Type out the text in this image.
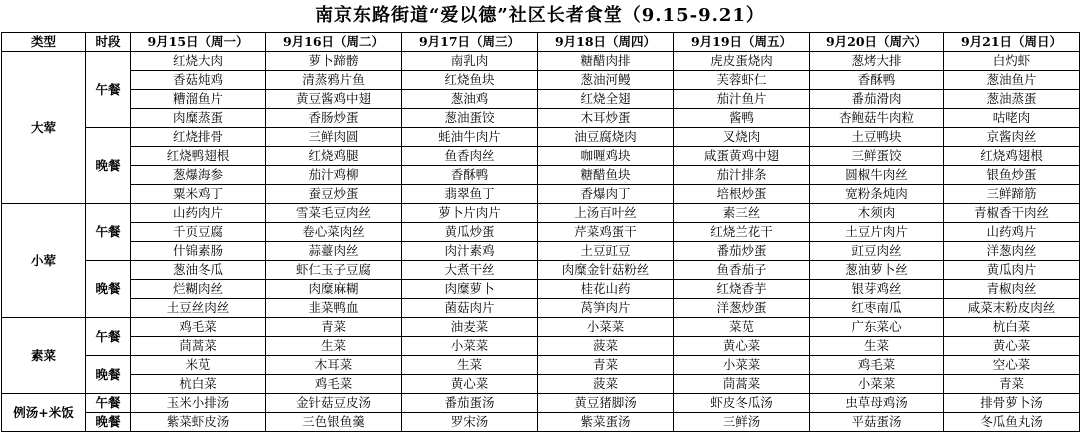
南京东路街道“爱以德”社区长者食堂（9.15-9.21）
类型	时段	9月15日（周一）	9月16日（周二）	9月17日（周三）	9月18日（周四）	9月19日（周五）	9月20日（周六）	9月21日（周日）
大荤	午餐	红烧大肉	萝卜蹄髈	南乳肉	糖醋肉排	虎皮蛋烧肉	葱烤大排	白灼虾
		香菇炖鸡	清蒸鸦片鱼	红烧鱼块	葱油河鳗	芙蓉虾仁	香酥鸭	葱油鱼片
		糟溜鱼片	黄豆酱鸡中翅	葱油鸡	红烧全翅	茄汁鱼片	番茄滑肉	葱油蒸蛋
		肉糜蒸蛋	香肠炒蛋	葱油蛋饺	木耳炒蛋	酱鸭	杏鲍菇牛肉粒	咕咾肉
	晚餐	红烧排骨	三鲜肉圆	蚝油牛肉片	油豆腐烧肉	叉烧肉	土豆鸭块	京酱肉丝
		红烧鸭翅根	红烧鸡腿	鱼香肉丝	咖喱鸡块	咸蛋黄鸡中翅	三鲜蛋饺	红烧鸡翅根
		葱爆海参	茄汁鸡柳	香酥鸭	糖醋鱼块	茄汁排条	圆椒牛肉丝	银鱼炒蛋
		粟米鸡丁	蚕豆炒蛋	翡翠鱼丁	香爆肉丁	培根炒蛋	宽粉条炖肉	三鲜蹄筋
小荤	午餐	山药肉片	雪菜毛豆肉丝	萝卜片肉片	上汤百叶丝	素三丝	木须肉	青椒香干肉丝
		千页豆腐	卷心菜肉丝	黄瓜炒蛋	芹菜鸡蛋干	红烧兰花干	土豆片肉片	山药鸡片
		什锦素肠	蒜薹肉丝	肉汁素鸡	土豆豇豆	番茄炒蛋	豇豆肉丝	洋葱肉丝
	晚餐	葱油冬瓜	虾仁玉子豆腐	大煮干丝	肉糜金针菇粉丝	鱼香茄子	葱油萝卜丝	黄瓜肉片
		烂糊肉丝	肉糜麻糊	肉糜萝卜	桂花山药	红烧香芋	银芽鸡丝	青椒肉丝
		土豆丝肉丝	韭菜鸭血	菌菇肉片	莴笋肉片	洋葱炒蛋	红枣南瓜	咸菜末粉皮肉丝
素菜	午餐	鸡毛菜	青菜	油麦菜	小菜菜	菜苋	广东菜心	杭白菜
		茼蒿菜	生菜	小菜菜	菠菜	黄心菜	生菜	黄心菜
	晚餐	米苋	木耳菜	生菜	青菜	小菜菜	鸡毛菜	空心菜
		杭白菜	鸡毛菜	黄心菜	菠菜	茼蒿菜	小菜菜	青菜
例汤+米饭	午餐	玉米小排汤	金针菇豆皮汤	番茄蛋汤	黄豆猪脚汤	虾皮冬瓜汤	虫草母鸡汤	排骨萝卜汤
	晚餐	紫菜虾皮汤	三色银鱼羹	罗宋汤	紫菜蛋汤	三鲜汤	平菇蛋汤	冬瓜鱼丸汤
